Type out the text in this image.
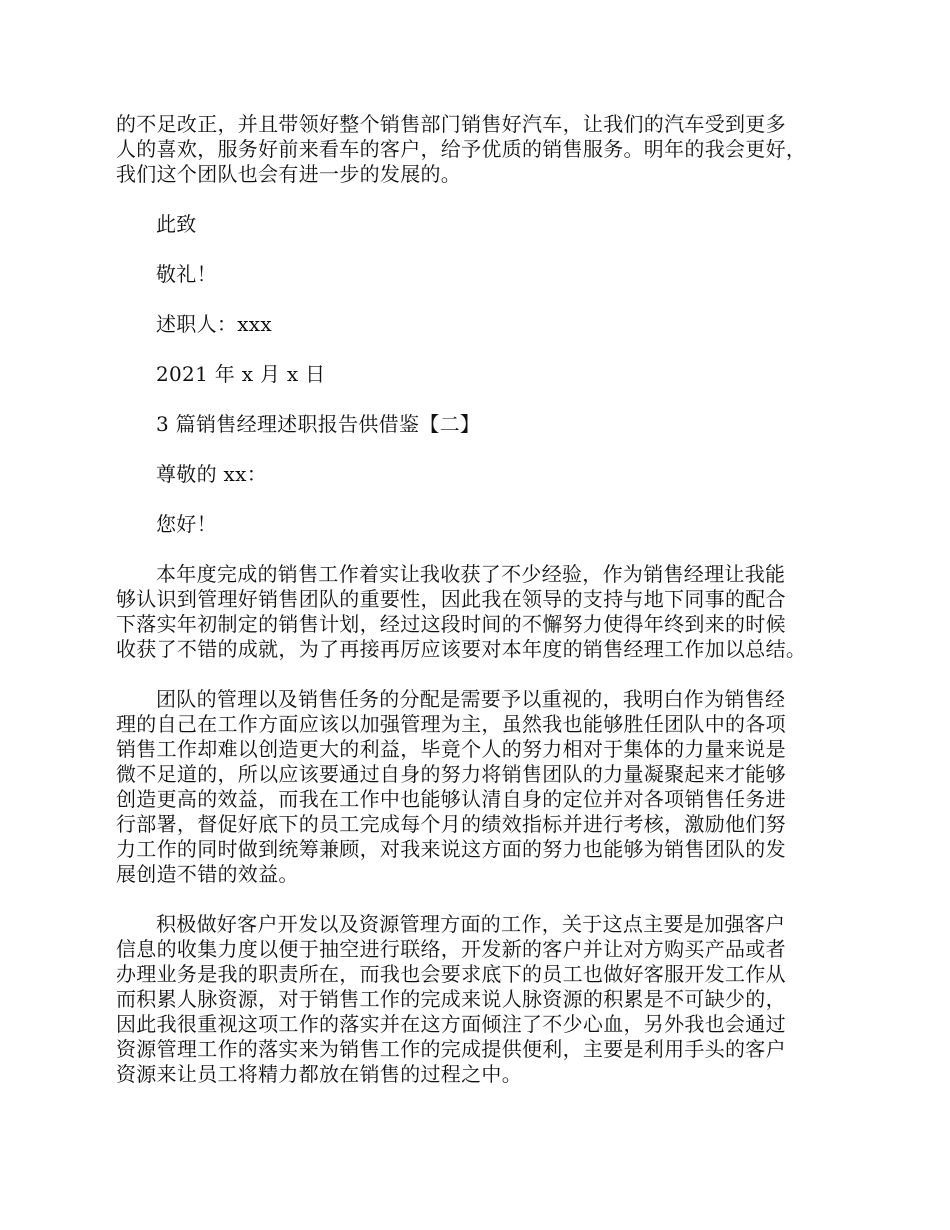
的不足改正，并且带领好整个销售部门销售好汽车，让我们的汽车受到更多
人的喜欢，服务好前来看车的客户，给予优质的销售服务。明年的我会更好，
我们这个团队也会有进一步的发展的。

此致

敬礼！

述职人：xxx

2021 年 x 月 x 日

3 篇销售经理述职报告供借鉴【二】

尊敬的 xx：

您好！

本年度完成的销售工作着实让我收获了不少经验，作为销售经理让我能
够认识到管理好销售团队的重要性，因此我在领导的支持与地下同事的配合
下落实年初制定的销售计划，经过这段时间的不懈努力使得年终到来的时候
收获了不错的成就，为了再接再厉应该要对本年度的销售经理工作加以总结。
团队的管理以及销售任务的分配是需要予以重视的，我明白作为销售经
理的自己在工作方面应该以加强管理为主，虽然我也能够胜任团队中的各项
销售工作却难以创造更大的利益，毕竟个人的努力相对于集体的力量来说是
微不足道的，所以应该要通过自身的努力将销售团队的力量凝聚起来才能够
创造更高的效益，而我在工作中也能够认清自身的定位并对各项销售任务进
行部署，督促好底下的员工完成每个月的绩效指标并进行考核，激励他们努
力工作的同时做到统筹兼顾，对我来说这方面的努力也能够为销售团队的发
展创造不错的效益。
积极做好客户开发以及资源管理方面的工作，关于这点主要是加强客户
信息的收集力度以便于抽空进行联络，开发新的客户并让对方购买产品或者
办理业务是我的职责所在，而我也会要求底下的员工也做好客服开发工作从
而积累人脉资源，对于销售工作的完成来说人脉资源的积累是不可缺少的，
因此我很重视这项工作的落实并在这方面倾注了不少心血，另外我也会通过
资源管理工作的落实来为销售工作的完成提供便利，主要是利用手头的客户
资源来让员工将精力都放在销售的过程之中。
